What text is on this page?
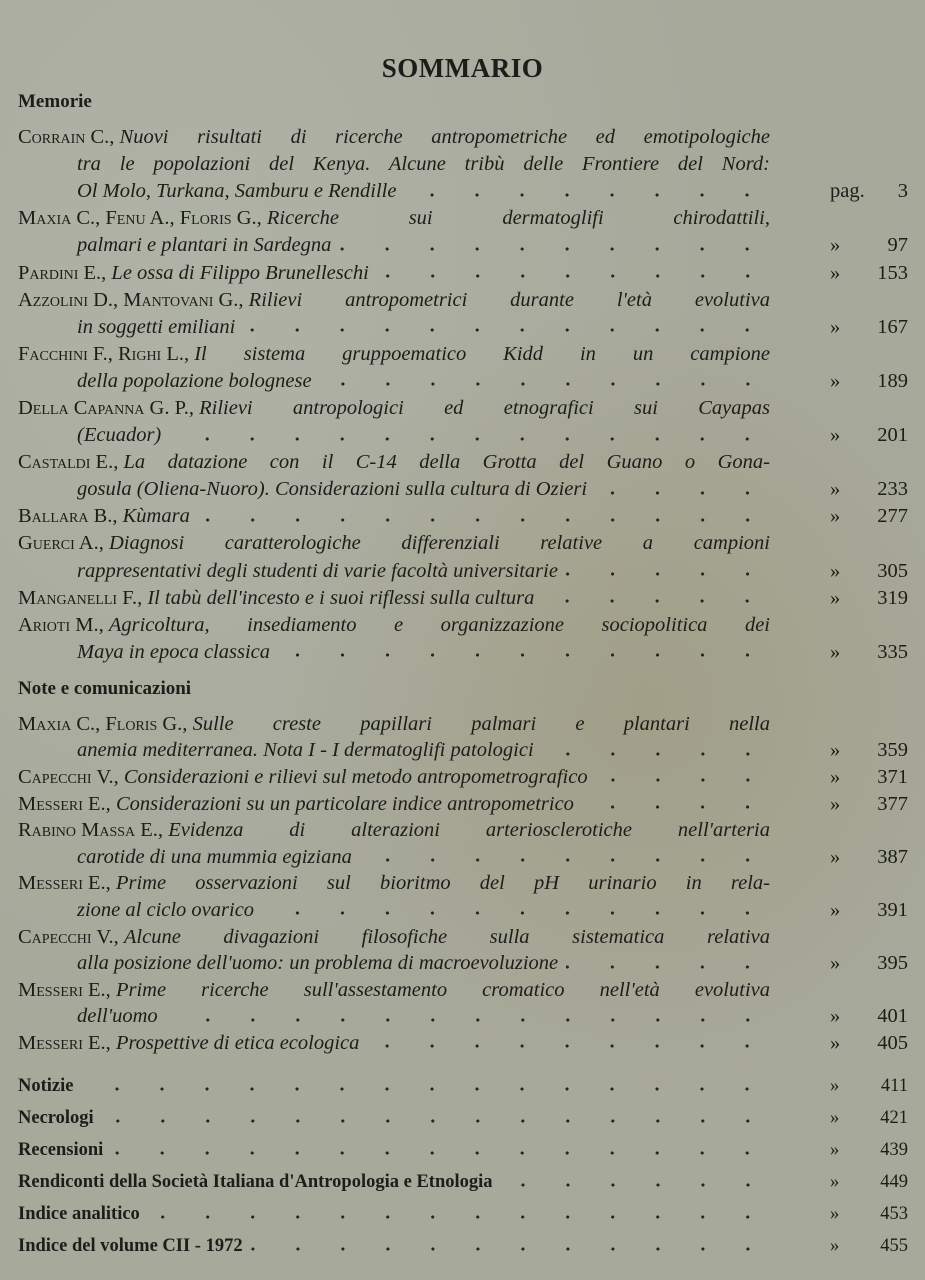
SOMMARIO
Memorie
Corrain C.,
Nuovi risultati di ricerche antropometriche ed emotipologiche
tra le popolazioni del Kenya. Alcune tribù delle Frontiere del Nord:
Ol Molo, Turkana, Samburu e Rendille	pag.	3
Maxia C., Fenu A., Floris G.,
Ricerche sui dermatoglifi chirodattili,
palmari e plantari in Sardegna	»	97
Pardini E.,
Le ossa di Filippo Brunelleschi	»	153
Azzolini D., Mantovani G.,
Rilievi antropometrici durante l'età evolutiva
in soggetti emiliani	»	167
Facchini F., Righi L.,
Il sistema gruppoematico Kidd in un campione
della popolazione bolognese	»	189
Della Capanna G. P.,
Rilievi antropologici ed etnografici sui Cayapas
(Ecuador)	»	201
Castaldi E.,
La datazione con il C-14 della Grotta del Guano o Gona-
gosula (Oliena-Nuoro). Considerazioni sulla cultura di Ozieri	»	233
Ballara B.,
Kùmara	»	277
Guerci A.,
Diagnosi caratterologiche differenziali relative a campioni
rappresentativi degli studenti di varie facoltà universitarie	»	305
Manganelli F.,
Il tabù dell'incesto e i suoi riflessi sulla cultura	»	319
Arioti M.,
Agricoltura, insediamento e organizzazione sociopolitica dei
Maya in epoca classica	»	335
Note e comunicazioni
Maxia C., Floris G.,
Sulle creste papillari palmari e plantari nella
anemia mediterranea. Nota I - I dermatoglifi patologici	»	359
Capecchi V.,
Considerazioni e rilievi sul metodo antropometrografico	»	371
Messeri E.,
Considerazioni su un particolare indice antropometrico	»	377
Rabino Massa E.,
Evidenza di alterazioni arteriosclerotiche nell'arteria
carotide di una mummia egiziana	»	387
Messeri E.,
Prime osservazioni sul bioritmo del pH urinario in rela-
zione al ciclo ovarico	»	391
Capecchi V.,
Alcune divagazioni filosofiche sulla sistematica relativa
alla posizione dell'uomo: un problema di macroevoluzione	»	395
Messeri E.,
Prime ricerche sull'assestamento cromatico nell'età evolutiva
dell'uomo	»	401
Messeri E.,
Prospettive di etica ecologica	»	405
Notizie	»	411
Necrologi	»	421
Recensioni	»	439
Rendiconti della Società Italiana d'Antropologia e Etnologia	»	449
Indice analitico	»	453
Indice del volume CII - 1972	»	455
